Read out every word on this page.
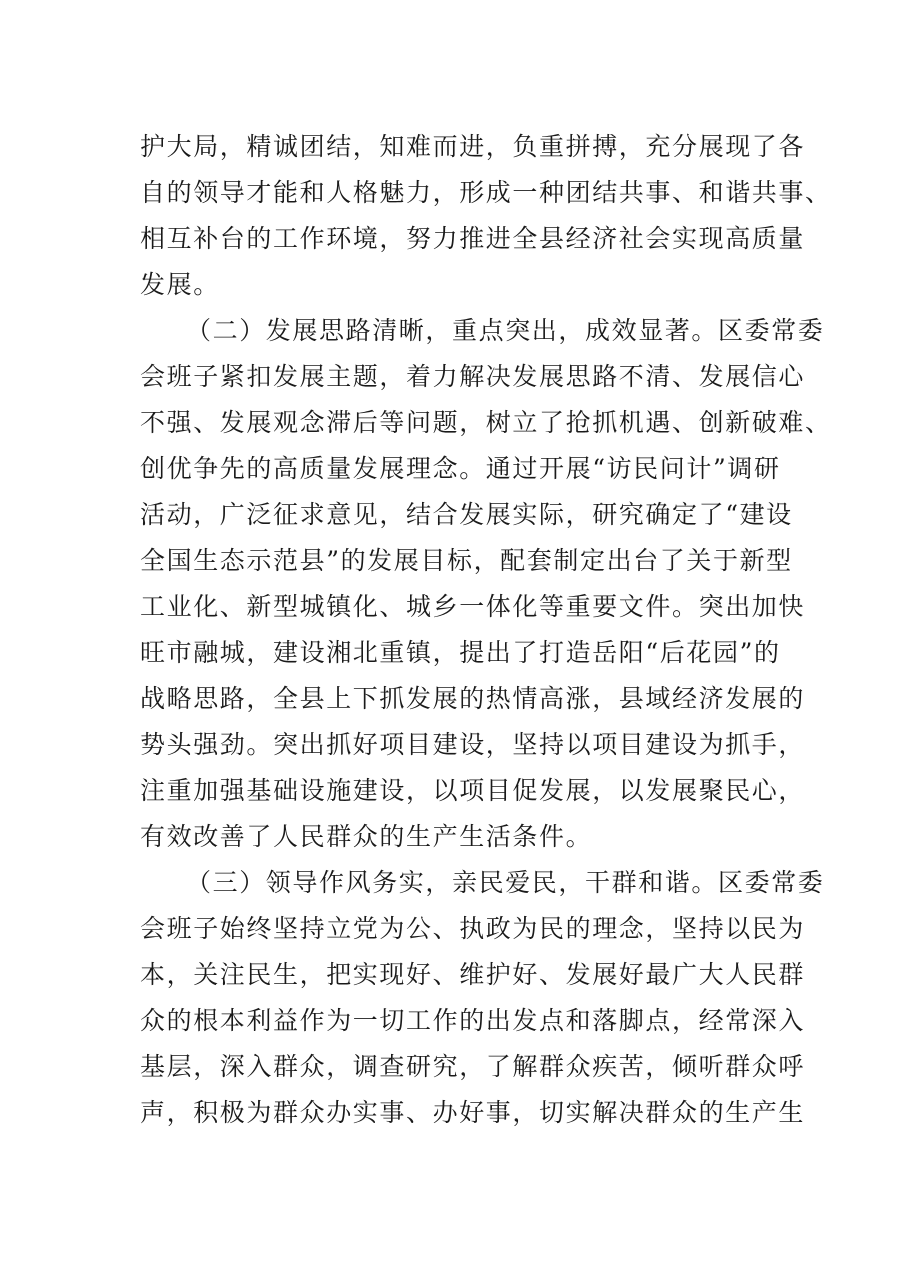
护大局，精诚团结，知难而进，负重拼搏，充分展现了各
自的领导才能和人格魅力，形成一种团结共事、和谐共事、
相互补台的工作环境，努力推进全县经济社会实现高质量
发展。
（二）发展思路清晰，重点突出，成效显著。区委常委
会班子紧扣发展主题，着力解决发展思路不清、发展信心
不强、发展观念滞后等问题，树立了抢抓机遇、创新破难、
创优争先的高质量发展理念。通过开展“访民问计”调研
活动，广泛征求意见，结合发展实际，研究确定了“建设
全国生态示范县”的发展目标，配套制定出台了关于新型
工业化、新型城镇化、城乡一体化等重要文件。突出加快
旺市融城，建设湘北重镇，提出了打造岳阳“后花园”的
战略思路，全县上下抓发展的热情高涨，县域经济发展的
势头强劲。突出抓好项目建设，坚持以项目建设为抓手，
注重加强基础设施建设，以项目促发展，以发展聚民心，
有效改善了人民群众的生产生活条件。
（三）领导作风务实，亲民爱民，干群和谐。区委常委
会班子始终坚持立党为公、执政为民的理念，坚持以民为
本，关注民生，把实现好、维护好、发展好最广大人民群
众的根本利益作为一切工作的出发点和落脚点，经常深入
基层，深入群众，调查研究，了解群众疾苦，倾听群众呼
声，积极为群众办实事、办好事，切实解决群众的生产生
